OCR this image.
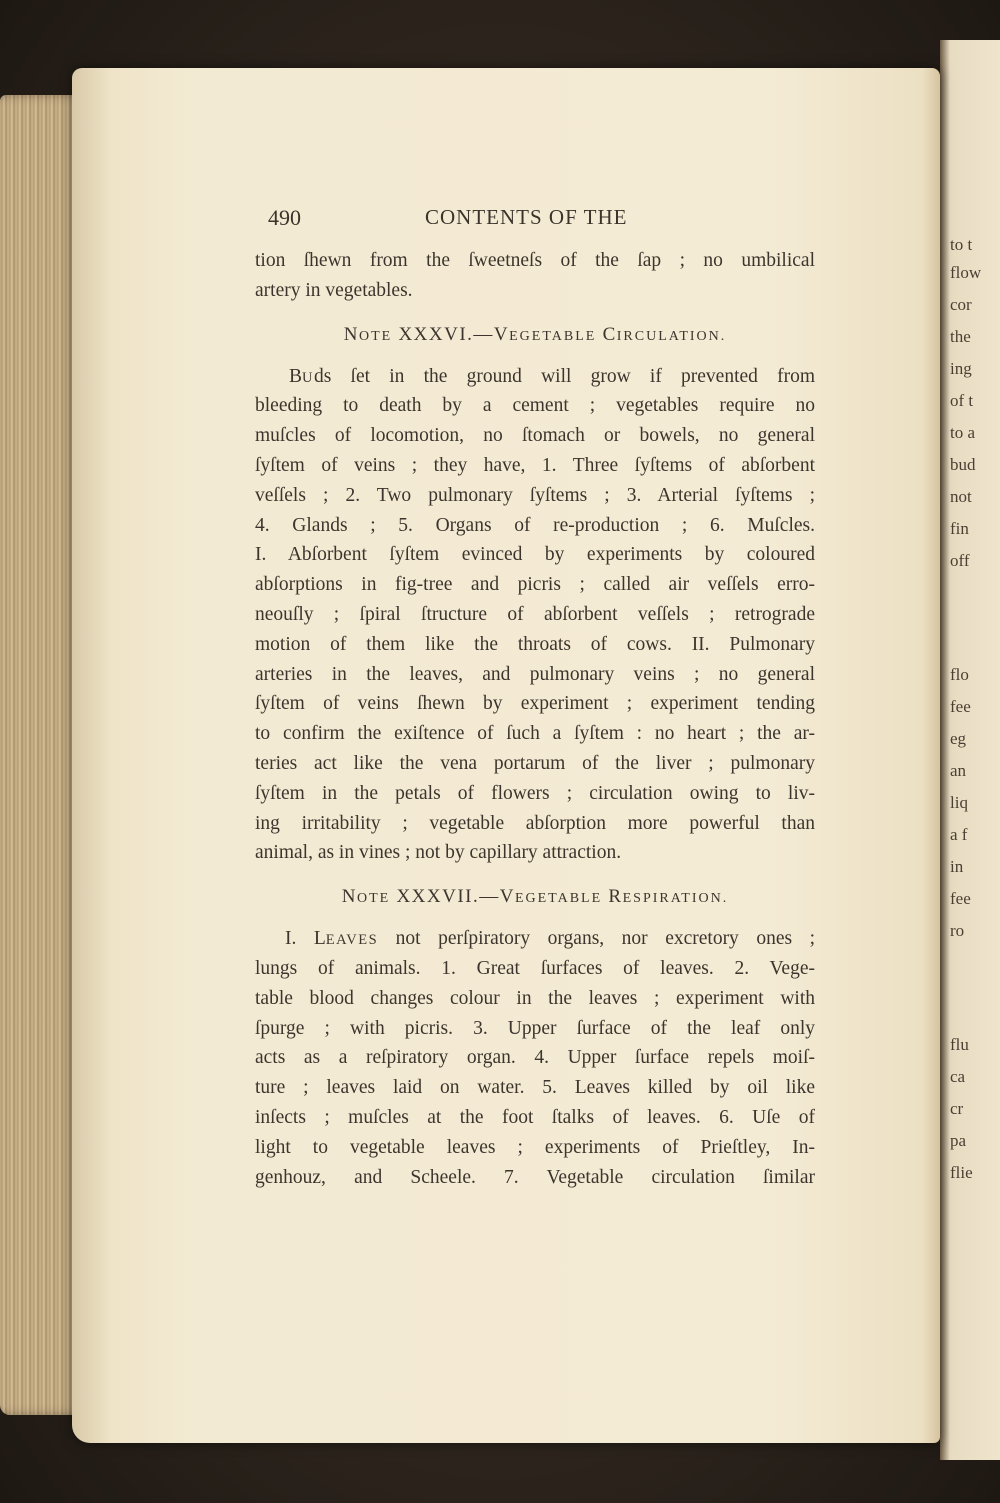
to t
flow
cor
the
ing
of t
to a
bud
not
fin
off
flo
fee
eg
an
liq
a f
in
fee
ro
flu
ca
cr
pa
flie
490	CONTENTS OF THE
tion ſhewn from the ſweetneſs of the ſap ; no umbilical
artery in vegetables.
NOTE XXXVI.—VEGETABLE CIRCULATION.
BUds ſet in the ground will grow if prevented from
bleeding to death by a cement ; vegetables require no
muſcles of locomotion, no ſtomach or bowels, no general
ſyſtem of veins ; they have, 1. Three ſyſtems of abſorbent
veſſels ; 2. Two pulmonary ſyſtems ; 3. Arterial ſyſtems ;
4. Glands ; 5. Organs of re-production ; 6. Muſcles.
I. Abſorbent ſyſtem evinced by experiments by coloured
abſorptions in fig-tree and picris ; called air veſſels erro-
neouſly ; ſpiral ſtructure of abſorbent veſſels ; retrograde
motion of them like the throats of cows. II. Pulmonary
arteries in the leaves, and pulmonary veins ; no general
ſyſtem of veins ſhewn by experiment ; experiment tending
to confirm the exiſtence of ſuch a ſyſtem : no heart ; the ar-
teries act like the vena portarum of the liver ; pulmonary
ſyſtem in the petals of flowers ; circulation owing to liv-
ing irritability ; vegetable abſorption more powerful than
animal, as in vines ; not by capillary attraction.
NOTE XXXVII.—VEGETABLE RESPIRATION.
I. LEAVES not perſpiratory organs, nor excretory ones ;
lungs of animals. 1. Great ſurfaces of leaves. 2. Vege-
table blood changes colour in the leaves ; experiment with
ſpurge ; with picris. 3. Upper ſurface of the leaf only
acts as a reſpiratory organ. 4. Upper ſurface repels moiſ-
ture ; leaves laid on water. 5. Leaves killed by oil like
inſects ; muſcles at the foot ſtalks of leaves. 6. Uſe of
light to vegetable leaves ; experiments of Prieſtley, In-
genhouz, and Scheele. 7. Vegetable circulation ſimilar
